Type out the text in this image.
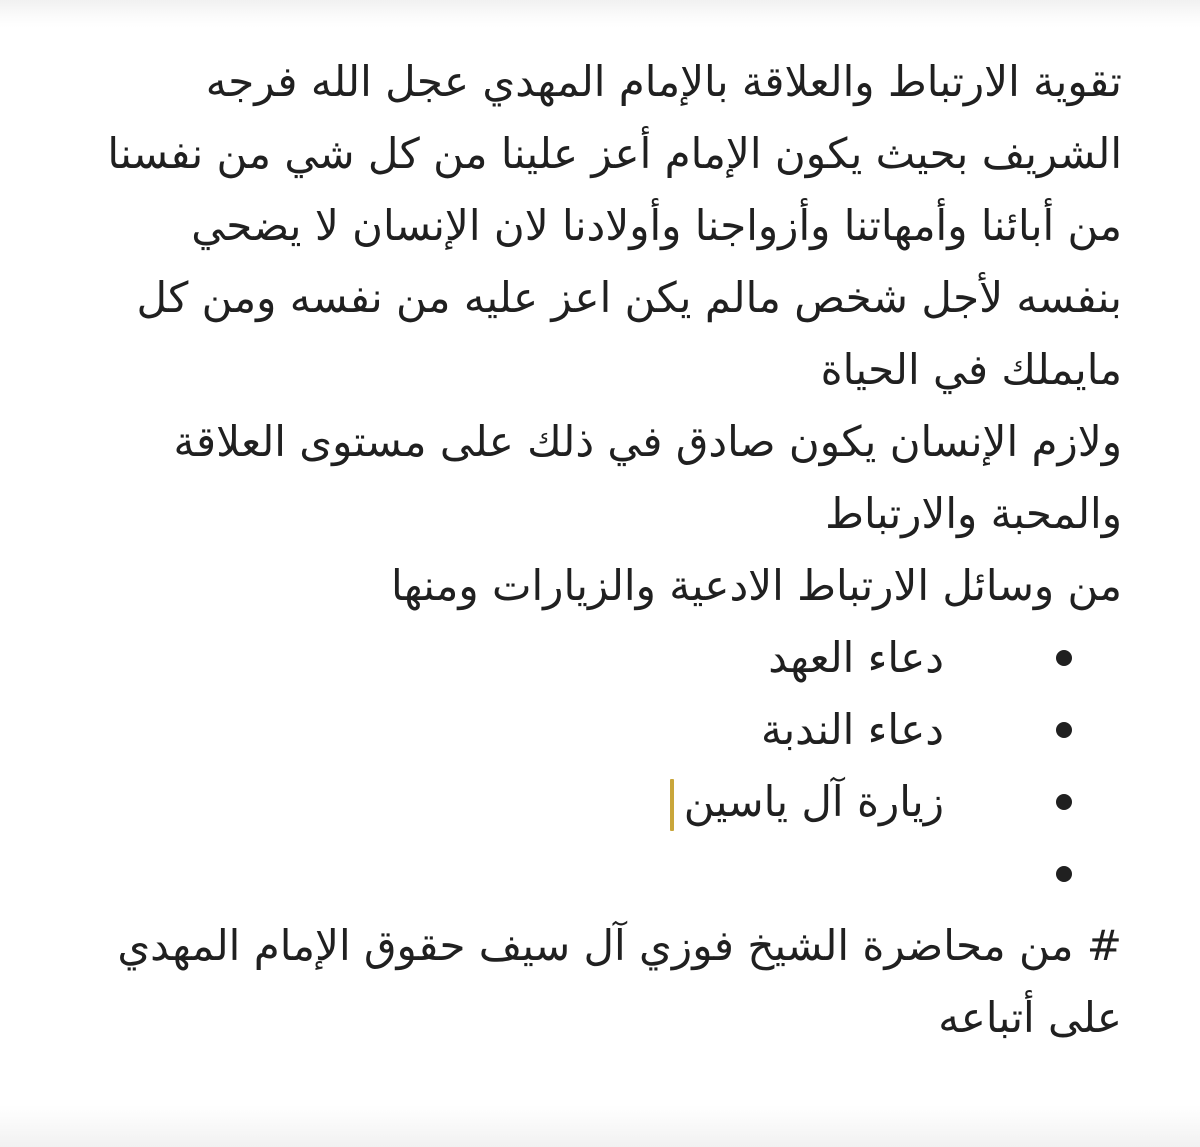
تقوية الارتباط والعلاقة بالإمام المهدي عجل الله فرجه الشريف بحيث يكون الإمام أعز علينا من كل شي من نفسنا من أبائنا وأمهاتنا وأزواجنا وأولادنا لان الإنسان لا يضحي بنفسه لأجل شخص مالم يكن اعز عليه من نفسه ومن كل مايملك في الحياة

ولازم الإنسان يكون صادق في ذلك على مستوى العلاقة والمحبة والارتباط

من وسائل الارتباط الادعية والزيارات ومنها

دعاء العهد
دعاء الندبة
زيارة آل ياسين

# من محاضرة الشيخ فوزي آل سيف حقوق الإمام المهدي على أتباعه
